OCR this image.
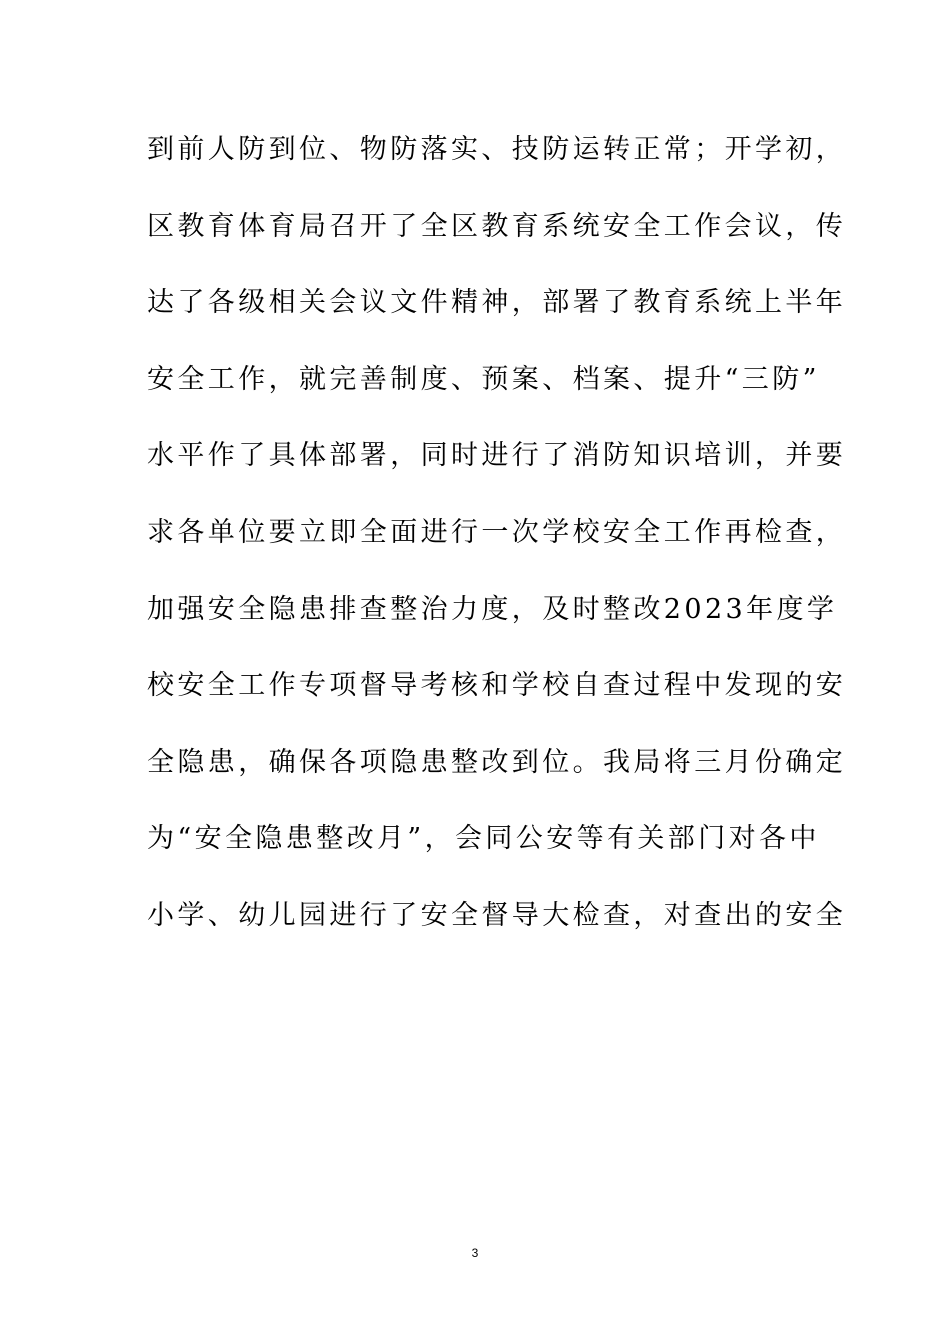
到前人防到位、物防落实、技防运转正常；开学初，
区教育体育局召开了全区教育系统安全工作会议，传
达了各级相关会议文件精神，部署了教育系统上半年
安全工作，就完善制度、预案、档案、提升“三防”
水平作了具体部署，同时进行了消防知识培训，并要
求各单位要立即全面进行一次学校安全工作再检查，
加强安全隐患排查整治力度，及时整改2023年度学
校安全工作专项督导考核和学校自查过程中发现的安
全隐患，确保各项隐患整改到位。我局将三月份确定
为“安全隐患整改月”，会同公安等有关部门对各中
小学、幼儿园进行了安全督导大检查，对查出的安全
3
